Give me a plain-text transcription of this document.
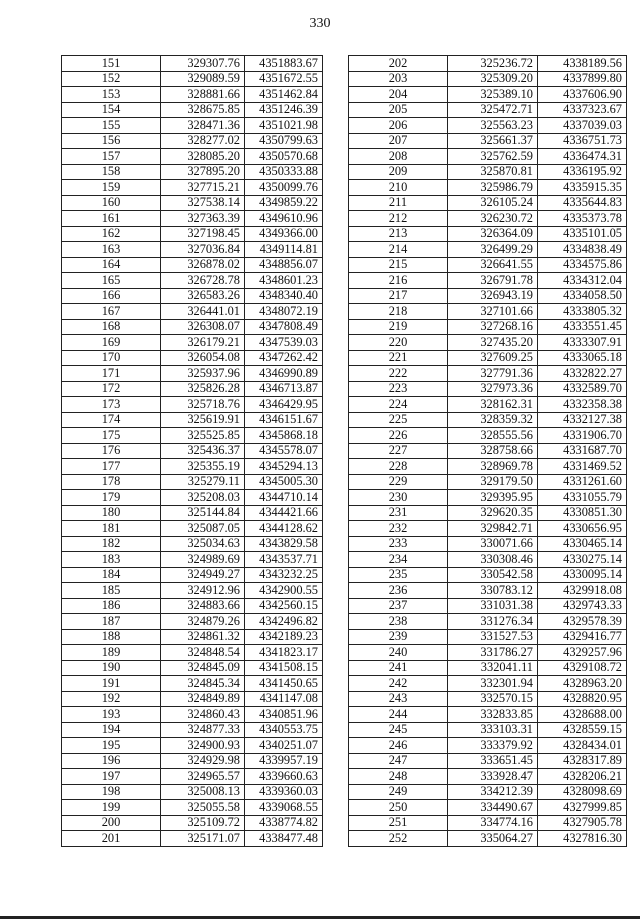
330
151	329307.76	4351883.67
152	329089.59	4351672.55
153	328881.66	4351462.84
154	328675.85	4351246.39
155	328471.36	4351021.98
156	328277.02	4350799.63
157	328085.20	4350570.68
158	327895.20	4350333.88
159	327715.21	4350099.76
160	327538.14	4349859.22
161	327363.39	4349610.96
162	327198.45	4349366.00
163	327036.84	4349114.81
164	326878.02	4348856.07
165	326728.78	4348601.23
166	326583.26	4348340.40
167	326441.01	4348072.19
168	326308.07	4347808.49
169	326179.21	4347539.03
170	326054.08	4347262.42
171	325937.96	4346990.89
172	325826.28	4346713.87
173	325718.76	4346429.95
174	325619.91	4346151.67
175	325525.85	4345868.18
176	325436.37	4345578.07
177	325355.19	4345294.13
178	325279.11	4345005.30
179	325208.03	4344710.14
180	325144.84	4344421.66
181	325087.05	4344128.62
182	325034.63	4343829.58
183	324989.69	4343537.71
184	324949.27	4343232.25
185	324912.96	4342900.55
186	324883.66	4342560.15
187	324879.26	4342496.82
188	324861.32	4342189.23
189	324848.54	4341823.17
190	324845.09	4341508.15
191	324845.34	4341450.65
192	324849.89	4341147.08
193	324860.43	4340851.96
194	324877.33	4340553.75
195	324900.93	4340251.07
196	324929.98	4339957.19
197	324965.57	4339660.63
198	325008.13	4339360.03
199	325055.58	4339068.55
200	325109.72	4338774.82
201	325171.07	4338477.48
202	325236.72	4338189.56
203	325309.20	4337899.80
204	325389.10	4337606.90
205	325472.71	4337323.67
206	325563.23	4337039.03
207	325661.37	4336751.73
208	325762.59	4336474.31
209	325870.81	4336195.92
210	325986.79	4335915.35
211	326105.24	4335644.83
212	326230.72	4335373.78
213	326364.09	4335101.05
214	326499.29	4334838.49
215	326641.55	4334575.86
216	326791.78	4334312.04
217	326943.19	4334058.50
218	327101.66	4333805.32
219	327268.16	4333551.45
220	327435.20	4333307.91
221	327609.25	4333065.18
222	327791.36	4332822.27
223	327973.36	4332589.70
224	328162.31	4332358.38
225	328359.32	4332127.38
226	328555.56	4331906.70
227	328758.66	4331687.70
228	328969.78	4331469.52
229	329179.50	4331261.60
230	329395.95	4331055.79
231	329620.35	4330851.30
232	329842.71	4330656.95
233	330071.66	4330465.14
234	330308.46	4330275.14
235	330542.58	4330095.14
236	330783.12	4329918.08
237	331031.38	4329743.33
238	331276.34	4329578.39
239	331527.53	4329416.77
240	331786.27	4329257.96
241	332041.11	4329108.72
242	332301.94	4328963.20
243	332570.15	4328820.95
244	332833.85	4328688.00
245	333103.31	4328559.15
246	333379.92	4328434.01
247	333651.45	4328317.89
248	333928.47	4328206.21
249	334212.39	4328098.69
250	334490.67	4327999.85
251	334774.16	4327905.78
252	335064.27	4327816.30
